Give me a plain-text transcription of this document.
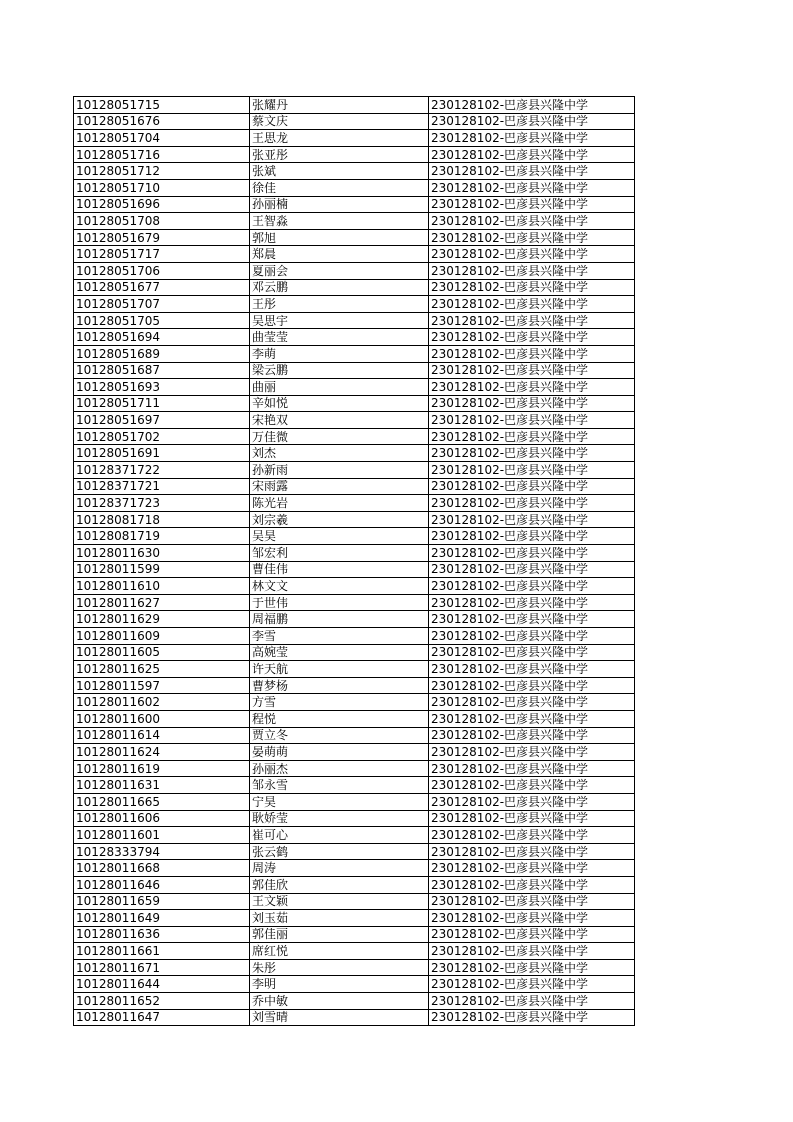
10128051715	张耀丹	230128102-巴彦县兴隆中学
10128051676	蔡文庆	230128102-巴彦县兴隆中学
10128051704	王思龙	230128102-巴彦县兴隆中学
10128051716	张亚彤	230128102-巴彦县兴隆中学
10128051712	张斌	230128102-巴彦县兴隆中学
10128051710	徐佳	230128102-巴彦县兴隆中学
10128051696	孙丽楠	230128102-巴彦县兴隆中学
10128051708	王智淼	230128102-巴彦县兴隆中学
10128051679	郭旭	230128102-巴彦县兴隆中学
10128051717	郑晨	230128102-巴彦县兴隆中学
10128051706	夏丽会	230128102-巴彦县兴隆中学
10128051677	邓云鹏	230128102-巴彦县兴隆中学
10128051707	王彤	230128102-巴彦县兴隆中学
10128051705	吴思宇	230128102-巴彦县兴隆中学
10128051694	曲莹莹	230128102-巴彦县兴隆中学
10128051689	李萌	230128102-巴彦县兴隆中学
10128051687	梁云鹏	230128102-巴彦县兴隆中学
10128051693	曲丽	230128102-巴彦县兴隆中学
10128051711	辛如悦	230128102-巴彦县兴隆中学
10128051697	宋艳双	230128102-巴彦县兴隆中学
10128051702	万佳微	230128102-巴彦县兴隆中学
10128051691	刘杰	230128102-巴彦县兴隆中学
10128371722	孙新雨	230128102-巴彦县兴隆中学
10128371721	宋雨露	230128102-巴彦县兴隆中学
10128371723	陈光岩	230128102-巴彦县兴隆中学
10128081718	刘宗羲	230128102-巴彦县兴隆中学
10128081719	吴昊	230128102-巴彦县兴隆中学
10128011630	邹宏利	230128102-巴彦县兴隆中学
10128011599	曹佳伟	230128102-巴彦县兴隆中学
10128011610	林文文	230128102-巴彦县兴隆中学
10128011627	于世伟	230128102-巴彦县兴隆中学
10128011629	周福鹏	230128102-巴彦县兴隆中学
10128011609	李雪	230128102-巴彦县兴隆中学
10128011605	高婉莹	230128102-巴彦县兴隆中学
10128011625	许天航	230128102-巴彦县兴隆中学
10128011597	曹梦杨	230128102-巴彦县兴隆中学
10128011602	方雪	230128102-巴彦县兴隆中学
10128011600	程悦	230128102-巴彦县兴隆中学
10128011614	贾立冬	230128102-巴彦县兴隆中学
10128011624	晏萌萌	230128102-巴彦县兴隆中学
10128011619	孙丽杰	230128102-巴彦县兴隆中学
10128011631	邹永雪	230128102-巴彦县兴隆中学
10128011665	宁昊	230128102-巴彦县兴隆中学
10128011606	耿娇莹	230128102-巴彦县兴隆中学
10128011601	崔可心	230128102-巴彦县兴隆中学
10128333794	张云鹤	230128102-巴彦县兴隆中学
10128011668	周涛	230128102-巴彦县兴隆中学
10128011646	郭佳欣	230128102-巴彦县兴隆中学
10128011659	王文颖	230128102-巴彦县兴隆中学
10128011649	刘玉茹	230128102-巴彦县兴隆中学
10128011636	郭佳丽	230128102-巴彦县兴隆中学
10128011661	席红悦	230128102-巴彦县兴隆中学
10128011671	朱彤	230128102-巴彦县兴隆中学
10128011644	李明	230128102-巴彦县兴隆中学
10128011652	乔中敏	230128102-巴彦县兴隆中学
10128011647	刘雪晴	230128102-巴彦县兴隆中学
